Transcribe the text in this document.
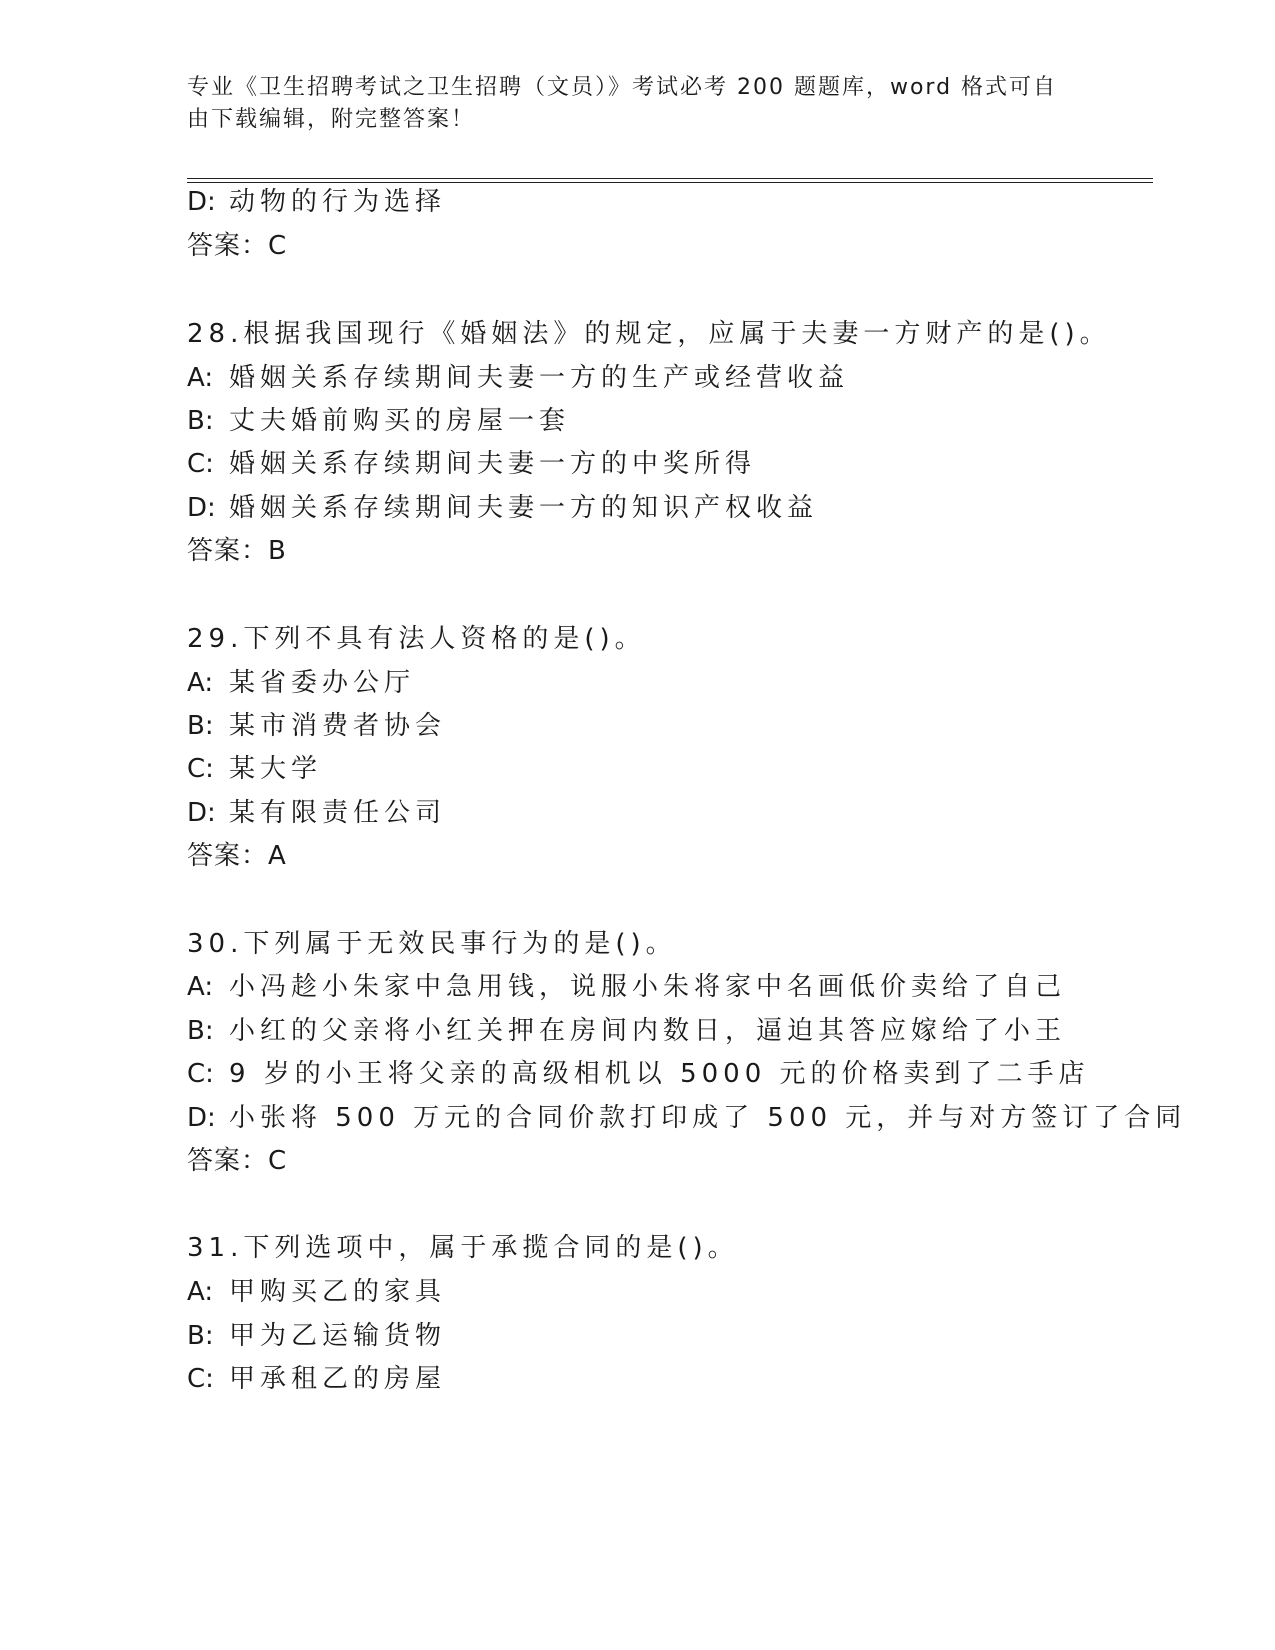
专业《卫生招聘考试之卫生招聘（文员）》考试必考 200 题题库，word 格式可自
由下载编辑，附完整答案！
D: 动物的行为选择
答案：C
28.根据我国现行《婚姻法》的规定，应属于夫妻一方财产的是()。
A: 婚姻关系存续期间夫妻一方的生产或经营收益
B: 丈夫婚前购买的房屋一套
C: 婚姻关系存续期间夫妻一方的中奖所得
D: 婚姻关系存续期间夫妻一方的知识产权收益
答案：B
29.下列不具有法人资格的是()。
A: 某省委办公厅
B: 某市消费者协会
C: 某大学
D: 某有限责任公司
答案：A
30.下列属于无效民事行为的是()。
A: 小冯趁小朱家中急用钱，说服小朱将家中名画低价卖给了自己
B: 小红的父亲将小红关押在房间内数日，逼迫其答应嫁给了小王
C: 9 岁的小王将父亲的高级相机以 5000 元的价格卖到了二手店
D: 小张将 500 万元的合同价款打印成了 500 元，并与对方签订了合同
答案：C
31.下列选项中，属于承揽合同的是()。
A: 甲购买乙的家具
B: 甲为乙运输货物
C: 甲承租乙的房屋
